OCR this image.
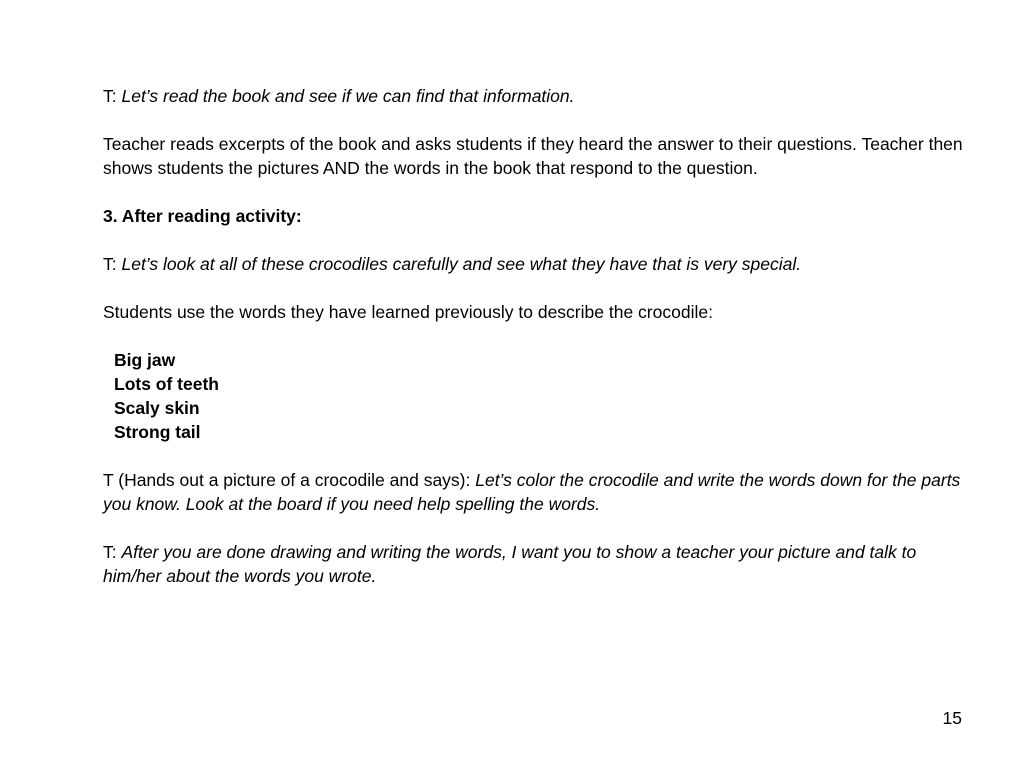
T: Let’s read the book and see if we can find that information.

Teacher reads excerpts of the book and asks students if they heard the answer to their questions. Teacher then shows students the pictures AND the words in the book that respond to the question.

3. After reading activity:

T: Let’s look at all of these crocodiles carefully and see what they have that is very special.

Students use the words they have learned previously to describe the crocodile:

Big jaw
Lots of teeth
Scaly skin
Strong tail

T (Hands out a picture of a crocodile and says): Let’s color the crocodile and write the words down for the parts you know. Look at the board if you need help spelling the words.

T: After you are done drawing and writing the words, I want you to show a teacher your picture and talk to him/her about the words you wrote.

15
